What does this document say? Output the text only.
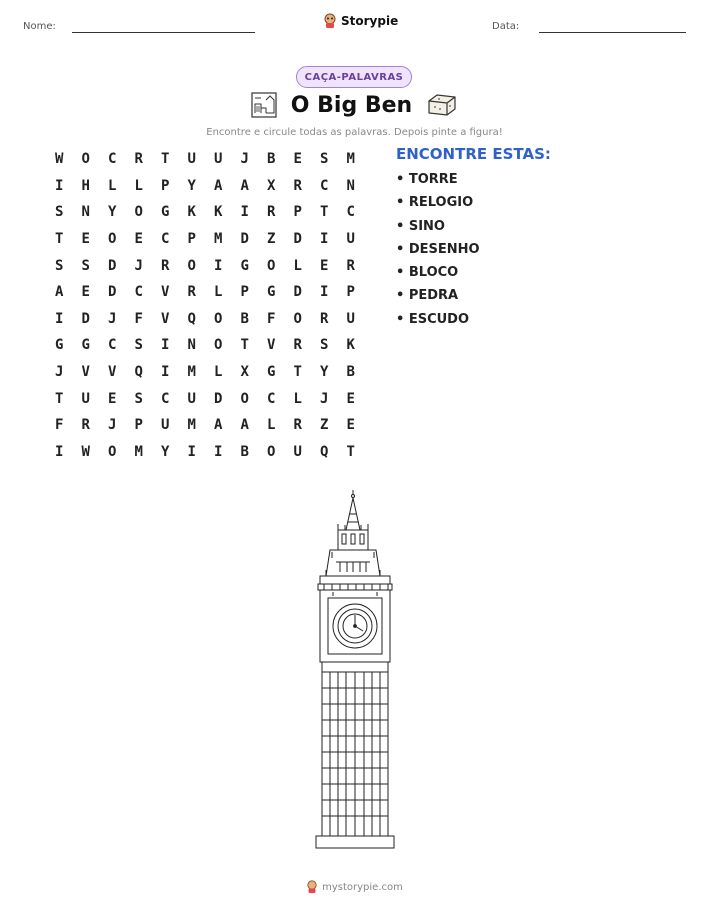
Nome:	Storypie	Data:
CAÇA-PALAVRAS
O Big Ben
Encontre e circule todas as palavras. Depois pinte a figura!
W	O	C	R	T	U	U	J	B	E	S	M
I	H	L	L	P	Y	A	A	X	R	C	N
S	N	Y	O	G	K	K	I	R	P	T	C
T	E	O	E	C	P	M	D	Z	D	I	U
S	S	D	J	R	O	I	G	O	L	E	R
A	E	D	C	V	R	L	P	G	D	I	P
I	D	J	F	V	Q	O	B	F	O	R	U
G	G	C	S	I	N	O	T	V	R	S	K
J	V	V	Q	I	M	L	X	G	T	Y	B
T	U	E	S	C	U	D	O	C	L	J	E
F	R	J	P	U	M	A	A	L	R	Z	E
I	W	O	M	Y	I	I	B	O	U	Q	T
ENCONTRE ESTAS:
• TORRE
• RELOGIO
• SINO
• DESENHO
• BLOCO
• PEDRA
• ESCUDO
mystorypie.com
